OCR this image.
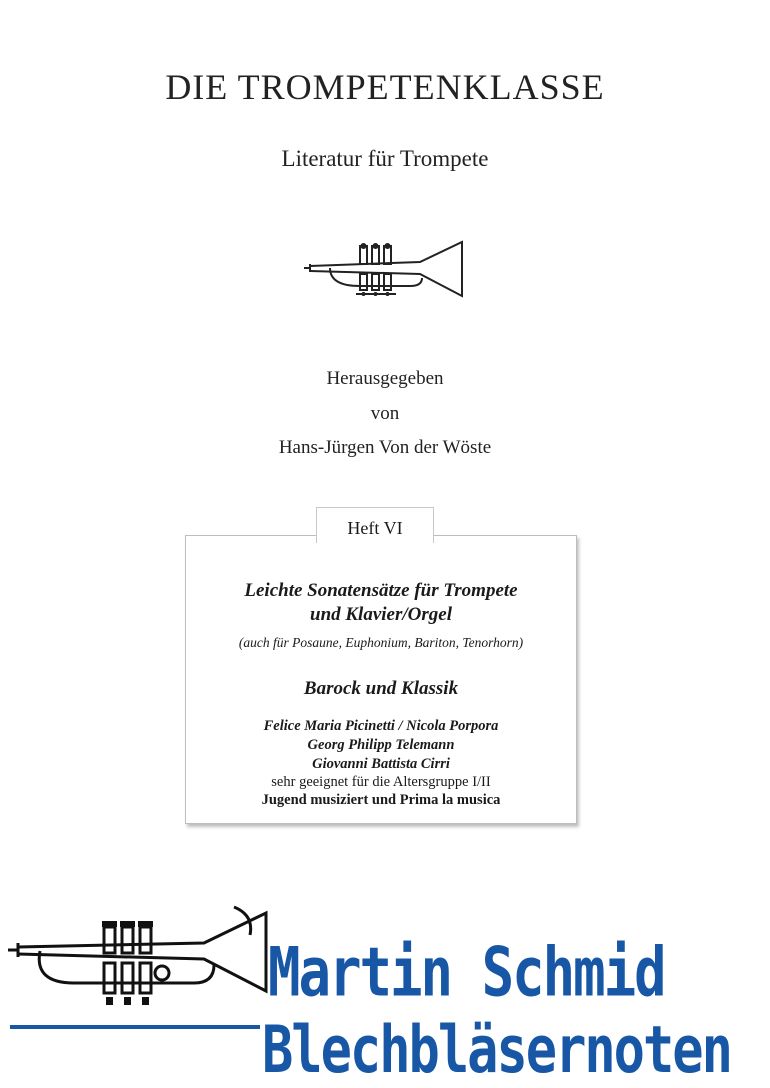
DIE TROMPETENKLASSE
Literatur für Trompete
Herausgegeben
von
Hans-Jürgen Von der Wöste
Leichte Sonatensätze für Trompete
und Klavier/Orgel
(auch für Posaune, Euphonium, Bariton, Tenorhorn)
Barock und Klassik
Felice Maria Picinetti / Nicola Porpora
Georg Philipp Telemann
Giovanni Battista Cirri
sehr geeignet für die Altersgruppe I/II
Jugend musiziert und Prima la musica
Heft VI
Martin Schmid
Blechbläsernoten
